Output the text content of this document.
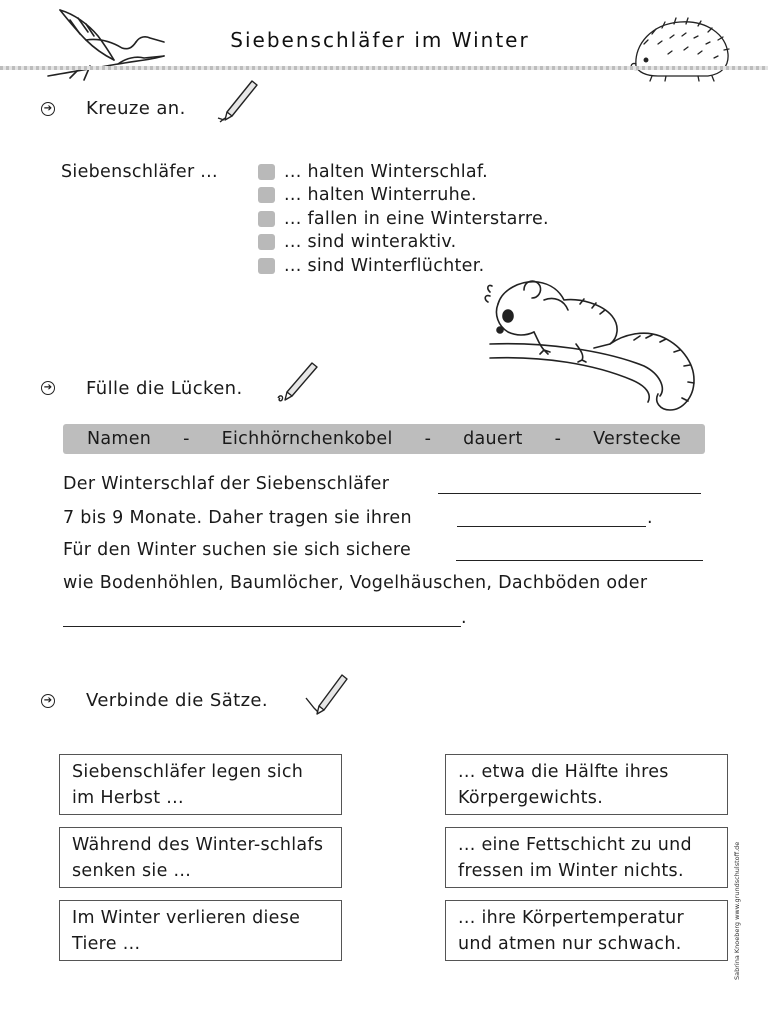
Siebenschläfer im Winter
➔ Kreuze an.
Siebenschläfer ...	... halten Winterschlaf.
... halten Winterruhe.
... fallen in eine Winterstarre.
... sind winteraktiv.
... sind Winterflüchter.
➔ Fülle die Lücken.
Namen - Eichhörnchenkobel - dauert - Verstecke
Der Winterschlaf der Siebenschläfer
7 bis 9 Monate. Daher tragen sie ihren	.
Für den Winter suchen sie sich sichere
wie Bodenhöhlen, Baumlöcher, Vogelhäuschen, Dachböden oder
.
➔ Verbinde die Sätze.
Siebenschläfer legen sich im Herbst ...
Während des Winter-schlafs senken sie ...
Im Winter verlieren diese Tiere ...
... etwa die Hälfte ihres Körpergewichts.
... eine Fettschicht zu und fressen im Winter nichts.
... ihre Körpertemperatur und atmen nur schwach.	Sabrina Knoeberg www.grundschulstoff.de
